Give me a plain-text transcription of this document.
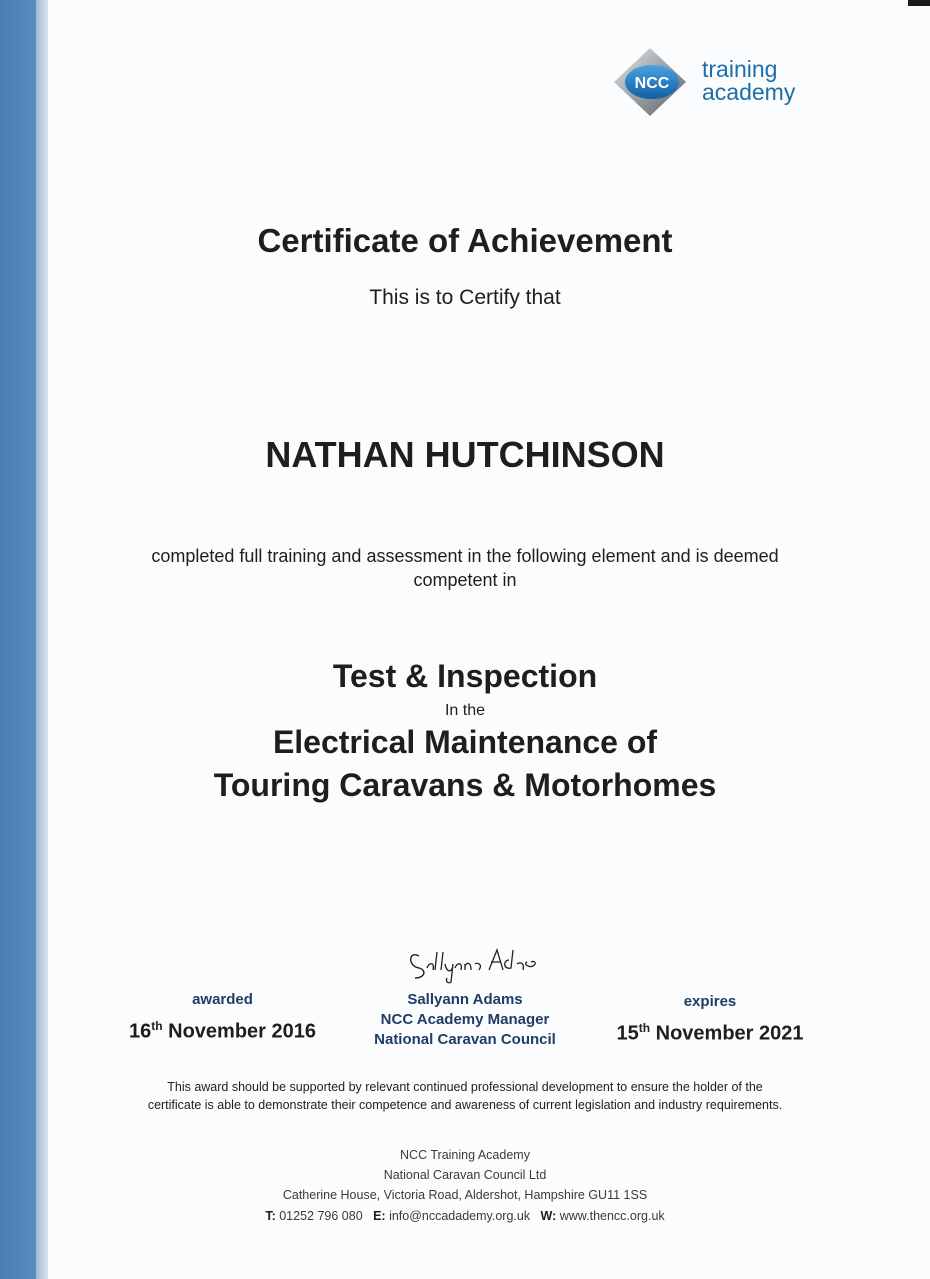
NCC
training
academy
Certificate of Achievement
This is to Certify that
NATHAN HUTCHINSON
completed full training and assessment in the following element and is deemed
competent in
Test & Inspection
In the
Electrical Maintenance of
Touring Caravans & Motorhomes
awarded
16th November 2016
Sallyann Adams
NCC Academy Manager
National Caravan Council
expires
15th November 2021
This award should be supported by relevant continued professional development to ensure the holder of the
certificate is able to demonstrate their competence and awareness of current legislation and industry requirements.
NCC Training Academy
National Caravan Council Ltd
Catherine House, Victoria Road, Aldershot, Hampshire GU11 1SS
T: 01252 796 080 E: info@nccadademy.org.uk W: www.thencc.org.uk
